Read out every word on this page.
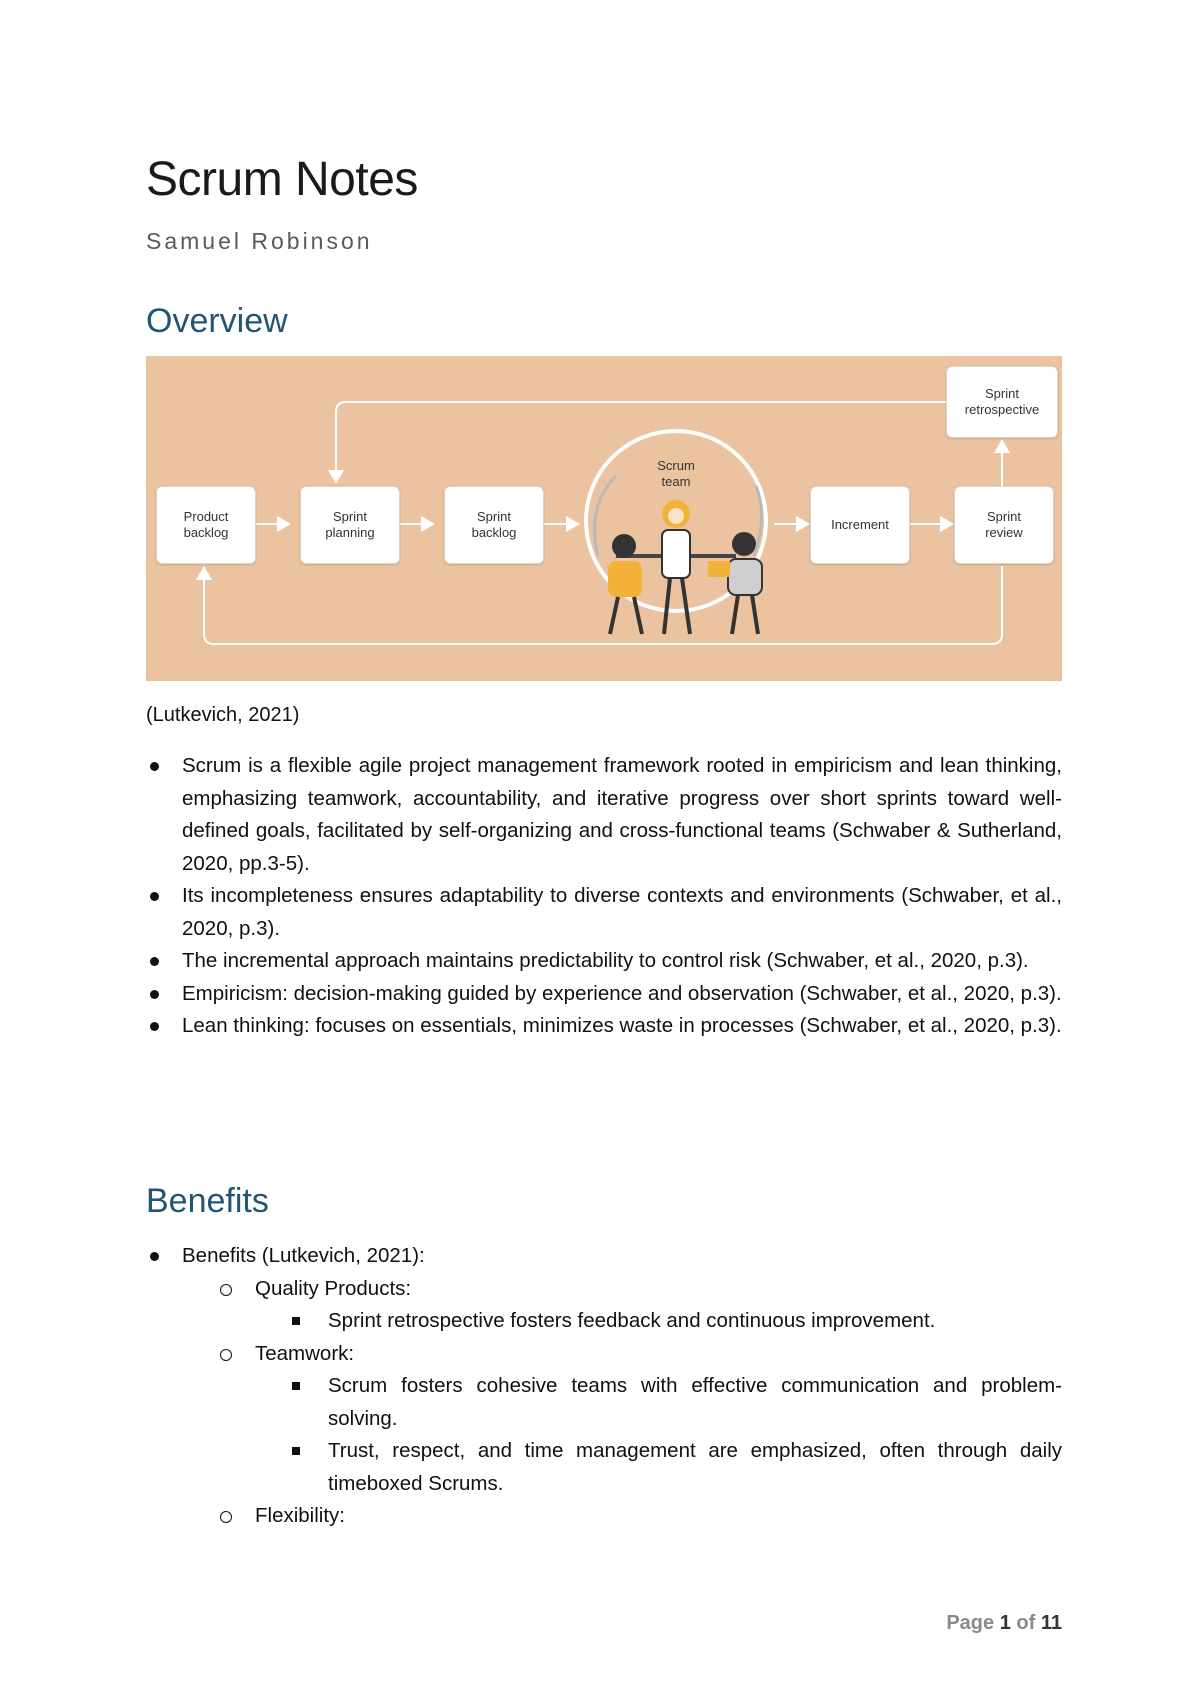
Scrum Notes
Samuel Robinson
Overview
Product
backlog
Sprint
planning
Sprint
backlog
Scrum
team
Increment
Sprint
review
Sprint
retrospective
(Lutkevich, 2021)
Scrum is a flexible agile project management framework rooted in empiricism and lean thinking, emphasizing teamwork, accountability, and iterative progress over short sprints toward well-defined goals, facilitated by self-organizing and cross-functional teams (Schwaber & Sutherland, 2020, pp.3-5).
Its incompleteness ensures adaptability to diverse contexts and environments (Schwaber, et al., 2020, p.3).
The incremental approach maintains predictability to control risk (Schwaber, et al., 2020, p.3).
Empiricism: decision-making guided by experience and observation (Schwaber, et al., 2020, p.3).
Lean thinking: focuses on essentials, minimizes waste in processes (Schwaber, et al., 2020, p.3).
Benefits
Benefits (Lutkevich, 2021):
Quality Products:
Sprint retrospective fosters feedback and continuous improvement.
Teamwork:
Scrum fosters cohesive teams with effective communication and problem-solving.
Trust, respect, and time management are emphasized, often through daily timeboxed Scrums.
Flexibility:
Page 1 of 11
